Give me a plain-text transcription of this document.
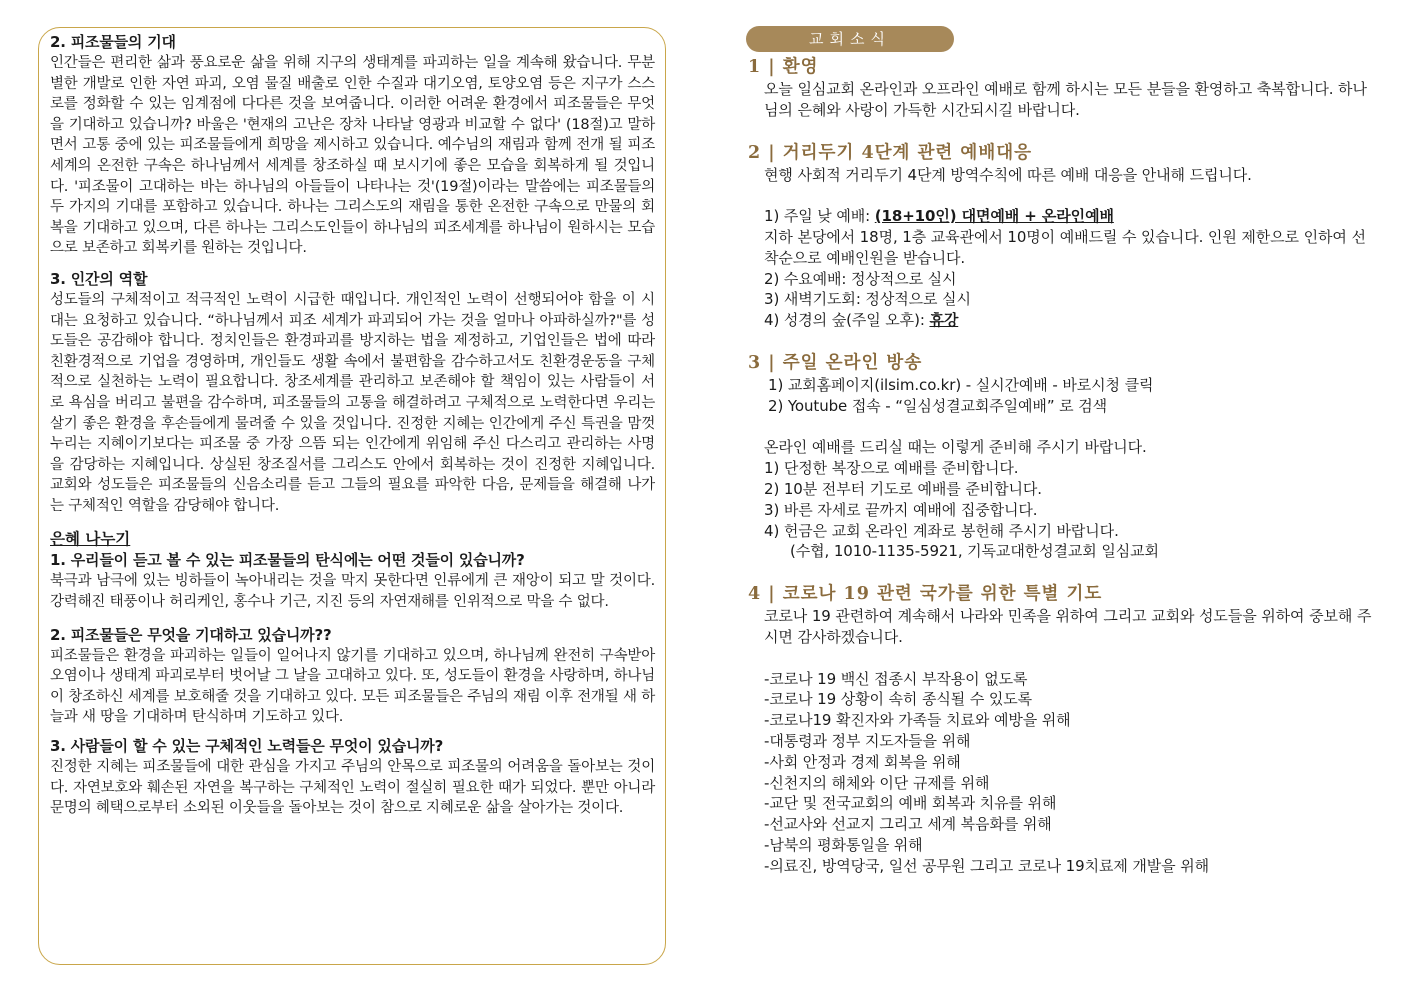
2. 피조물들의 기대

인간들은 편리한 삶과 풍요로운 삶을 위해 지구의 생태계를 파괴하는 일을 계속해 왔습니다. 무분별한 개발로 인한 자연 파괴, 오염 물질 배출로 인한 수질과 대기오염, 토양오염 등은 지구가 스스로를 정화할 수 있는 임계점에 다다른 것을 보여줍니다. 이러한 어려운 환경에서 피조물들은 무엇을 기대하고 있습니까? 바울은 '현재의 고난은 장차 나타날 영광과 비교할 수 없다' (18절)고 말하면서 고통 중에 있는 피조물들에게 희망을 제시하고 있습니다. 예수님의 재림과 함께 전개 될 피조 세계의 온전한 구속은 하나님께서 세계를 창조하실 때 보시기에 좋은 모습을 회복하게 될 것입니다. '피조물이 고대하는 바는 하나님의 아들들이 나타나는 것'(19절)이라는 말씀에는 피조물들의 두 가지의 기대를 포함하고 있습니다. 하나는 그리스도의 재림을 통한 온전한 구속으로 만물의 회복을 기대하고 있으며, 다른 하나는 그리스도인들이 하나님의 피조세계를 하나님이 원하시는 모습으로 보존하고 회복키를 원하는 것입니다.

3. 인간의 역할

성도들의 구체적이고 적극적인 노력이 시급한 때입니다. 개인적인 노력이 선행되어야 함을 이 시대는 요청하고 있습니다. “하나님께서 피조 세계가 파괴되어 가는 것을 얼마나 아파하실까?"를 성도들은 공감해야 합니다. 정치인들은 환경파괴를 방지하는 법을 제정하고, 기업인들은 법에 따라 친환경적으로 기업을 경영하며, 개인들도 생활 속에서 불편함을 감수하고서도 친환경운동을 구체적으로 실천하는 노력이 필요합니다. 창조세계를 관리하고 보존해야 할 책임이 있는 사람들이 서로 욕심을 버리고 불편을 감수하며, 피조물들의 고통을 해결하려고 구체적으로 노력한다면 우리는 살기 좋은 환경을 후손들에게 물려줄 수 있을 것입니다. 진정한 지혜는 인간에게 주신 특권을 맘껏 누리는 지혜이기보다는 피조물 중 가장 으뜸 되는 인간에게 위임해 주신 다스리고 관리하는 사명을 감당하는 지혜입니다. 상실된 창조질서를 그리스도 안에서 회복하는 것이 진정한 지혜입니다. 교회와 성도들은 피조물들의 신음소리를 듣고 그들의 필요를 파악한 다음, 문제들을 해결해 나가는 구체적인 역할을 감당해야 합니다.

은혜 나누기

1. 우리들이 듣고 볼 수 있는 피조물들의 탄식에는 어떤 것들이 있습니까?

북극과 남극에 있는 빙하들이 녹아내리는 것을 막지 못한다면 인류에게 큰 재앙이 되고 말 것이다. 강력해진 태풍이나 허리케인, 홍수나 기근, 지진 등의 자연재해를 인위적으로 막을 수 없다.

2. 피조물들은 무엇을 기대하고 있습니까??

피조물들은 환경을 파괴하는 일들이 일어나지 않기를 기대하고 있으며, 하나님께 완전히 구속받아 오염이나 생태계 파괴로부터 벗어날 그 날을 고대하고 있다. 또, 성도들이 환경을 사랑하며, 하나님이 창조하신 세계를 보호해줄 것을 기대하고 있다. 모든 피조물들은 주님의 재림 이후 전개될 새 하늘과 새 땅을 기대하며 탄식하며 기도하고 있다.

3. 사람들이 할 수 있는 구체적인 노력들은 무엇이 있습니까?

진정한 지혜는 피조물들에 대한 관심을 가지고 주님의 안목으로 피조물의 어려움을 돌아보는 것이다. 자연보호와 훼손된 자연을 복구하는 구체적인 노력이 절실히 필요한 때가 되었다. 뿐만 아니라 문명의 혜택으로부터 소외된 이웃들을 돌아보는 것이 참으로 지혜로운 삶을 살아가는 것이다.

교회소식
1 | 환영
오늘 일심교회 온라인과 오프라인 예배로 함께 하시는 모든 분들을 환영하고 축복합니다. 하나님의 은혜와 사랑이 가득한 시간되시길 바랍니다.
2 | 거리두기 4단계 관련 예배대응
현행 사회적 거리두기 4단계 방역수칙에 따른 예배 대응을 안내해 드립니다.
1) 주일 낮 예배: (18+10인) 대면예배 + 온라인예배
지하 본당에서 18명, 1층 교육관에서 10명이 예배드릴 수 있습니다. 인원 제한으로 인하여 선착순으로 예배인원을 받습니다.
2) 수요예배: 정상적으로 실시
3) 새벽기도회: 정상적으로 실시
4) 성경의 숲(주일 오후): 휴강
3 | 주일 온라인 방송
1) 교회홈페이지(ilsim.co.kr) - 실시간예배 - 바로시청 클릭
2) Youtube 접속 - “일심성결교회주일예배” 로 검색
온라인 예배를 드리실 때는 이렇게 준비해 주시기 바랍니다.
1) 단정한 복장으로 예배를 준비합니다.
2) 10분 전부터 기도로 예배를 준비합니다.
3) 바른 자세로 끝까지 예배에 집중합니다.
4) 헌금은 교회 온라인 계좌로 봉헌해 주시기 바랍니다.
(수협, 1010-1135-5921, 기독교대한성결교회 일심교회
4 | 코로나 19 관련 국가를 위한 특별 기도
코로나 19 관련하여 계속해서 나라와 민족을 위하여 그리고 교회와 성도들을 위하여 중보해 주시면 감사하겠습니다.
-코로나 19 백신 접종시 부작용이 없도록
-코로나 19 상황이 속히 종식될 수 있도록
-코로나19 확진자와 가족들 치료와 예방을 위해
-대통령과 정부 지도자들을 위해
-사회 안정과 경제 회복을 위해
-신천지의 해체와 이단 규제를 위해
-교단 및 전국교회의 예배 회복과 치유를 위해
-선교사와 선교지 그리고 세계 복음화를 위해
-남북의 평화통일을 위해
-의료진, 방역당국, 일선 공무원 그리고 코로나 19치료제 개발을 위해
